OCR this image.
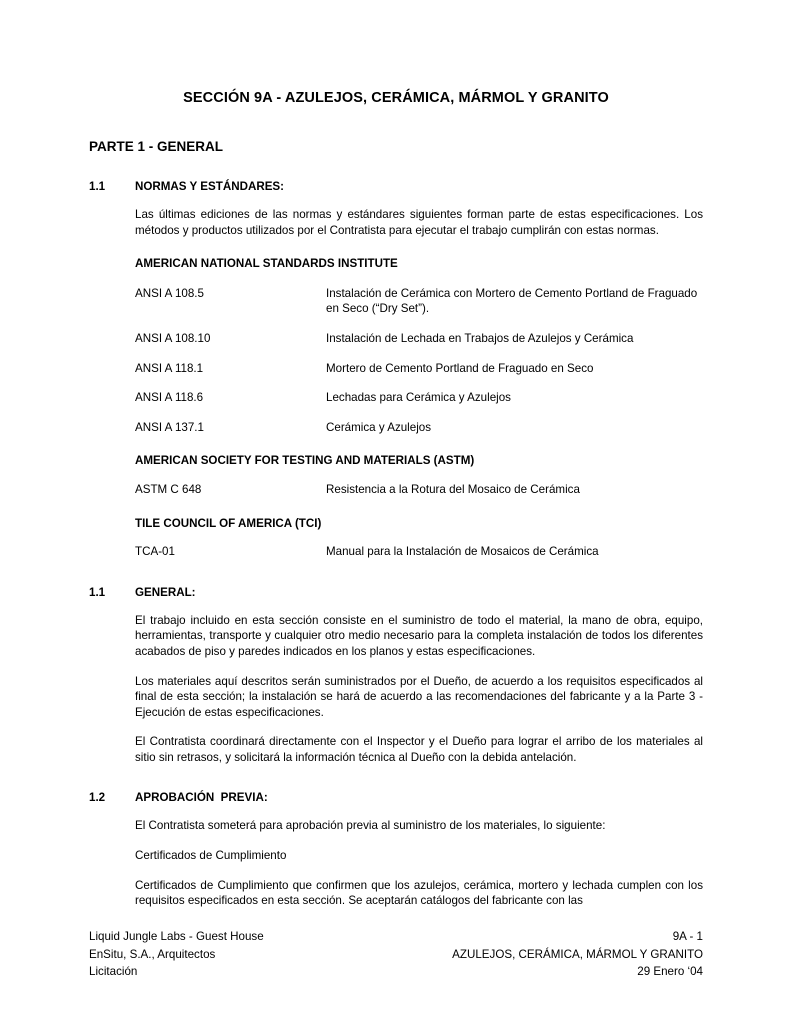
SECCIÓN 9A - AZULEJOS, CERÁMICA, MÁRMOL Y GRANITO
PARTE 1 - GENERAL
1.1	NORMAS Y ESTÁNDARES:

Las últimas ediciones de las normas y estándares siguientes forman parte de estas especificaciones. Los métodos y productos utilizados por el Contratista para ejecutar el trabajo cumplirán con estas normas.

AMERICAN NATIONAL STANDARDS INSTITUTE
ANSI A 108.5	Instalación de Cerámica con Mortero de Cemento Portland de Fraguado en Seco (“Dry Set”).
ANSI A 108.10	Instalación de Lechada en Trabajos de Azulejos y Cerámica
ANSI A 118.1	Mortero de Cemento Portland de Fraguado en Seco
ANSI A 118.6	Lechadas para Cerámica y Azulejos
ANSI A 137.1	Cerámica y Azulejos
AMERICAN SOCIETY FOR TESTING AND MATERIALS (ASTM)
ASTM C 648	Resistencia a la Rotura del Mosaico de Cerámica
TILE COUNCIL OF AMERICA (TCI)
TCA-01	Manual para la Instalación de Mosaicos de Cerámica
1.1	GENERAL:

El trabajo incluido en esta sección consiste en el suministro de todo el material, la mano de obra, equipo, herramientas, transporte y cualquier otro medio necesario para la completa instalación de todos los diferentes acabados de piso y paredes indicados en los planos y estas especificaciones.

Los materiales aquí descritos serán suministrados por el Dueño, de acuerdo a los requisitos especificados al final de esta sección; la instalación se hará de acuerdo a las recomendaciones del fabricante y a la Parte 3 - Ejecución de estas especificaciones.

El Contratista coordinará directamente con el Inspector y el Dueño para lograr el arribo de los materiales al sitio sin retrasos, y solicitará la información técnica al Dueño con la debida antelación.

1.2	APROBACIÓN  PREVIA:

El Contratista someterá para aprobación previa al suministro de los materiales, lo siguiente:

Certificados de Cumplimiento

Certificados de Cumplimiento que confirmen que los azulejos, cerámica, mortero y lechada cumplen con los requisitos especificados en esta sección. Se aceptarán catálogos del fabricante con las

Liquid Jungle Labs - Guest House
EnSitu, S.A., Arquitectos
Licitación
9A - 1
AZULEJOS, CERÁMICA, MÁRMOL Y GRANITO
29 Enero ‘04
